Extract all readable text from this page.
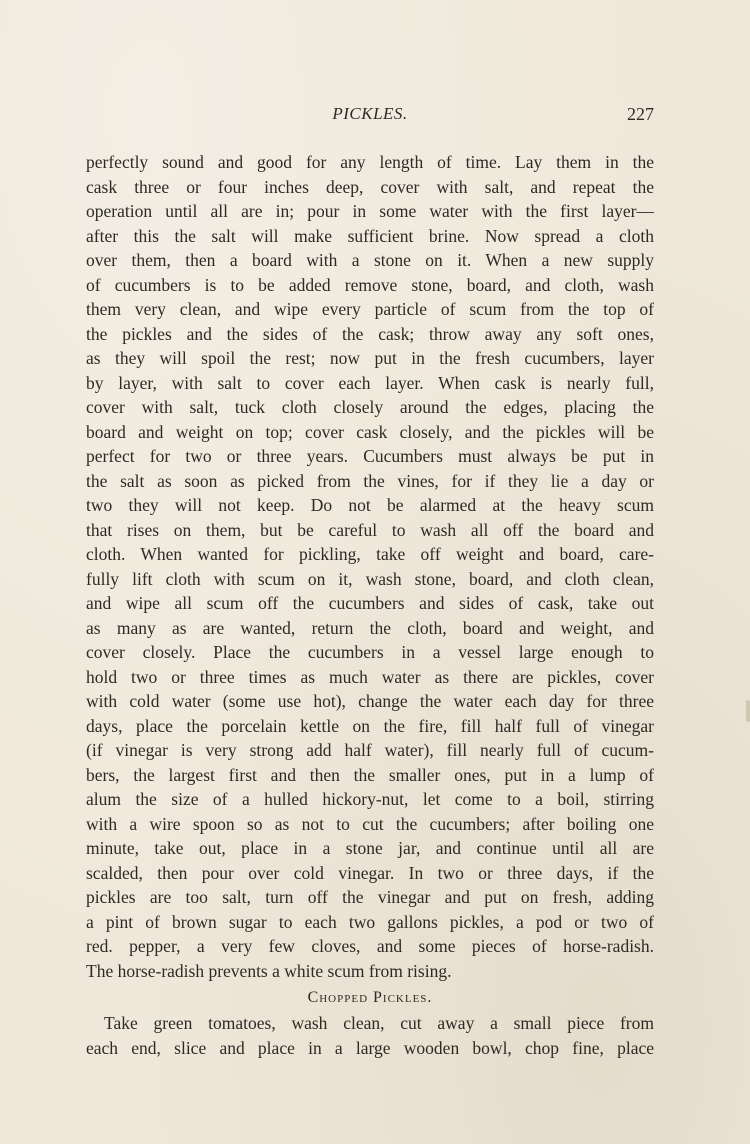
PICKLES.	227
perfectly sound and good for any length of time. Lay them in the
cask three or four inches deep, cover with salt, and repeat the
operation until all are in; pour in some water with the first layer—
after this the salt will make sufficient brine. Now spread a cloth
over them, then a board with a stone on it. When a new supply
of cucumbers is to be added remove stone, board, and cloth, wash
them very clean, and wipe every particle of scum from the top of
the pickles and the sides of the cask; throw away any soft ones,
as they will spoil the rest; now put in the fresh cucumbers, layer
by layer, with salt to cover each layer. When cask is nearly full,
cover with salt, tuck cloth closely around the edges, placing the
board and weight on top; cover cask closely, and the pickles will be
perfect for two or three years. Cucumbers must always be put in
the salt as soon as picked from the vines, for if they lie a day or
two they will not keep. Do not be alarmed at the heavy scum
that rises on them, but be careful to wash all off the board and
cloth. When wanted for pickling, take off weight and board, care-
fully lift cloth with scum on it, wash stone, board, and cloth clean,
and wipe all scum off the cucumbers and sides of cask, take out
as many as are wanted, return the cloth, board and weight, and
cover closely. Place the cucumbers in a vessel large enough to
hold two or three times as much water as there are pickles, cover
with cold water (some use hot), change the water each day for three
days, place the porcelain kettle on the fire, fill half full of vinegar
(if vinegar is very strong add half water), fill nearly full of cucum-
bers, the largest first and then the smaller ones, put in a lump of
alum the size of a hulled hickory-nut, let come to a boil, stirring
with a wire spoon so as not to cut the cucumbers; after boiling one
minute, take out, place in a stone jar, and continue until all are
scalded, then pour over cold vinegar. In two or three days, if the
pickles are too salt, turn off the vinegar and put on fresh, adding
a pint of brown sugar to each two gallons pickles, a pod or two of
red. pepper, a very few cloves, and some pieces of horse-radish.
The horse-radish prevents a white scum from rising.
Chopped Pickles.
Take green tomatoes, wash clean, cut away a small piece from
each end, slice and place in a large wooden bowl, chop fine, place
